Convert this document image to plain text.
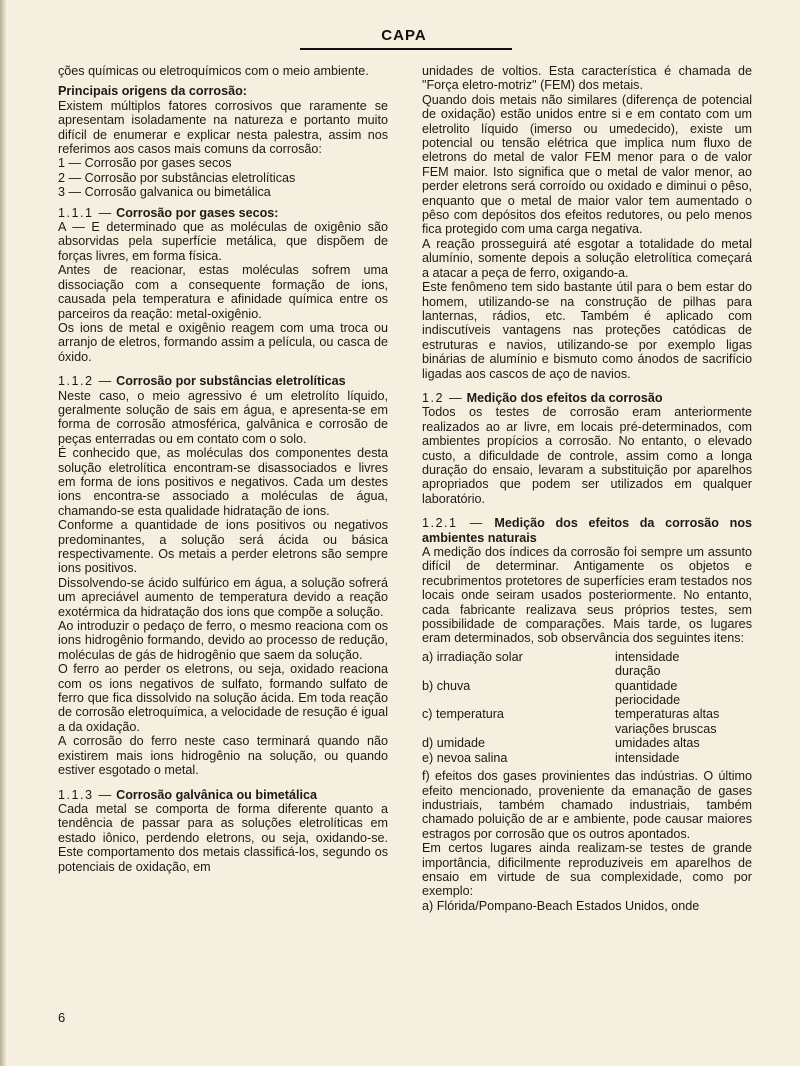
CAPA

ções químicas ou eletroquímicos com o meio ambiente.

Principais origens da corrosão:

Existem múltiplos fatores corrosivos que raramente se apresentam isoladamente na natureza e portanto muito difícil de enumerar e explicar nesta palestra, assim nos referimos aos casos mais comuns da corrosão:

1 — Corrosão por gases secos

2 — Corrosão por substâncias eletrolíticas

3 — Corrosão galvanica ou bimetálica

1.1.1 — Corrosão por gases secos:

A — E determinado que as moléculas de oxigênio são absorvidas pela superfície metálica, que dispõem de forças livres, em forma física.

Antes de reacionar, estas moléculas sofrem uma dissociação com a consequente formação de ions, causada pela temperatura e afinidade química entre os parceiros da reação: metal-oxigênio.

Os ions de metal e oxigênio reagem com uma troca ou arranjo de eletros, formando assim a película, ou casca de óxido.

1.1.2 — Corrosão por substâncias eletrolíticas

Neste caso, o meio agressivo é um eletrolíto líquido, geralmente solução de sais em água, e apresenta-se em forma de corrosão atmosférica, galvânica e corrosão de peças enterradas ou em contato com o solo.

É conhecido que, as moléculas dos componentes desta solução eletrolítica encontram-se disassociados e livres em forma de ions positivos e negativos. Cada um destes ions encontra-se associado a moléculas de água, chamando-se esta qualidade hidratação de ions.

Conforme a quantidade de ions positivos ou negativos predominantes, a solução será ácida ou básica respectivamente. Os metais a perder eletrons são sempre ions positivos.

Dissolvendo-se ácido sulfúrico em água, a solução sofrerá um apreciável aumento de temperatura devido a reação exotérmica da hidratação dos ions que compõe a solução.

Ao introduzir o pedaço de ferro, o mesmo reaciona com os ions hidrogênio formando, devido ao processo de redução, moléculas de gás de hidrogênio que saem da solução.

O ferro ao perder os eletrons, ou seja, oxidado reaciona com os ions negativos de sulfato, formando sulfato de ferro que fica dissolvido na solução ácida. Em toda reação de corrosão eletroquímica, a velocidade de resução é igual a da oxidação.

A corrosão do ferro neste caso terminará quando não existirem mais ions hidrogênio na solução, ou quando estiver esgotado o metal.

1.1.3 — Corrosão galvânica ou bimetálica

Cada metal se comporta de forma diferente quanto a tendência de passar para as soluções eletrolíticas em estado iônico, perdendo eletrons, ou seja, oxidando-se. Este comportamento dos metais classificá-los, segundo os potenciais de oxidação, em

unidades de voltios. Esta característica é chamada de "Força eletro-motriz" (FEM) dos metais.

Quando dois metais não similares (diferença de potencial de oxidação) estão unidos entre si e em contato com um eletrolito líquido (imerso ou umedecido), existe um potencial ou tensão elétrica que implica num fluxo de eletrons do metal de valor FEM menor para o de valor FEM maior. Isto significa que o metal de valor menor, ao perder eletrons será corroído ou oxidado e diminui o pêso, enquanto que o metal de maior valor tem aumentado o pêso com depósitos dos efeitos redutores, ou pelo menos fica protegido com uma carga negativa.

A reação prosseguirá até esgotar a totalidade do metal alumínio, somente depois a solução eletrolítica começará a atacar a peça de ferro, oxigando-a.

Este fenômeno tem sido bastante útil para o bem estar do homem, utilizando-se na construção de pilhas para lanternas, rádios, etc. Também é aplicado com indiscutíveis vantagens nas proteções catódicas de estruturas e navios, utilizando-se por exemplo ligas binárias de alumínio e bismuto como ánodos de sacrifício ligadas aos cascos de aço de navios.

1.2 — Medição dos efeitos da corrosão

Todos os testes de corrosão eram anteriormente realizados ao ar livre, em locais pré-determinados, com ambientes propícios a corrosão. No entanto, o elevado custo, a dificuldade de controle, assim como a longa duração do ensaio, levaram a substituição por aparelhos apropriados que podem ser utilizados em qualquer laboratório.

1.2.1 — Medição dos efeitos da corrosão nos ambientes naturais

A medição dos índices da corrosão foi sempre um assunto difícil de determinar. Antigamente os objetos e recubrimentos protetores de superfícies eram testados nos locais onde seiram usados posteriormente. No entanto, cada fabricante realizava seus próprios testes, sem possibilidade de comparações. Mais tarde, os lugares eram determinados, sob observância dos seguintes itens:

a) irradiação solar	intensidade
duração
b) chuva	quantidade
periocidade
c) temperatura	temperaturas altas
variações bruscas
d) umidade	umidades altas
e) nevoa salina	intensidade

f) efeitos dos gases provinientes das indústrias. O último efeito mencionado, proveniente da emanação de gases industriais, também chamado industriais, também chamado poluição de ar e ambiente, pode causar maiores estragos por corrosão que os outros apontados.

Em certos lugares ainda realizam-se testes de grande importância, dificilmente reproduziveis em aparelhos de ensaio em virtude de sua complexidade, como por exemplo:

a) Flórida/Pompano-Beach Estados Unidos, onde

6
